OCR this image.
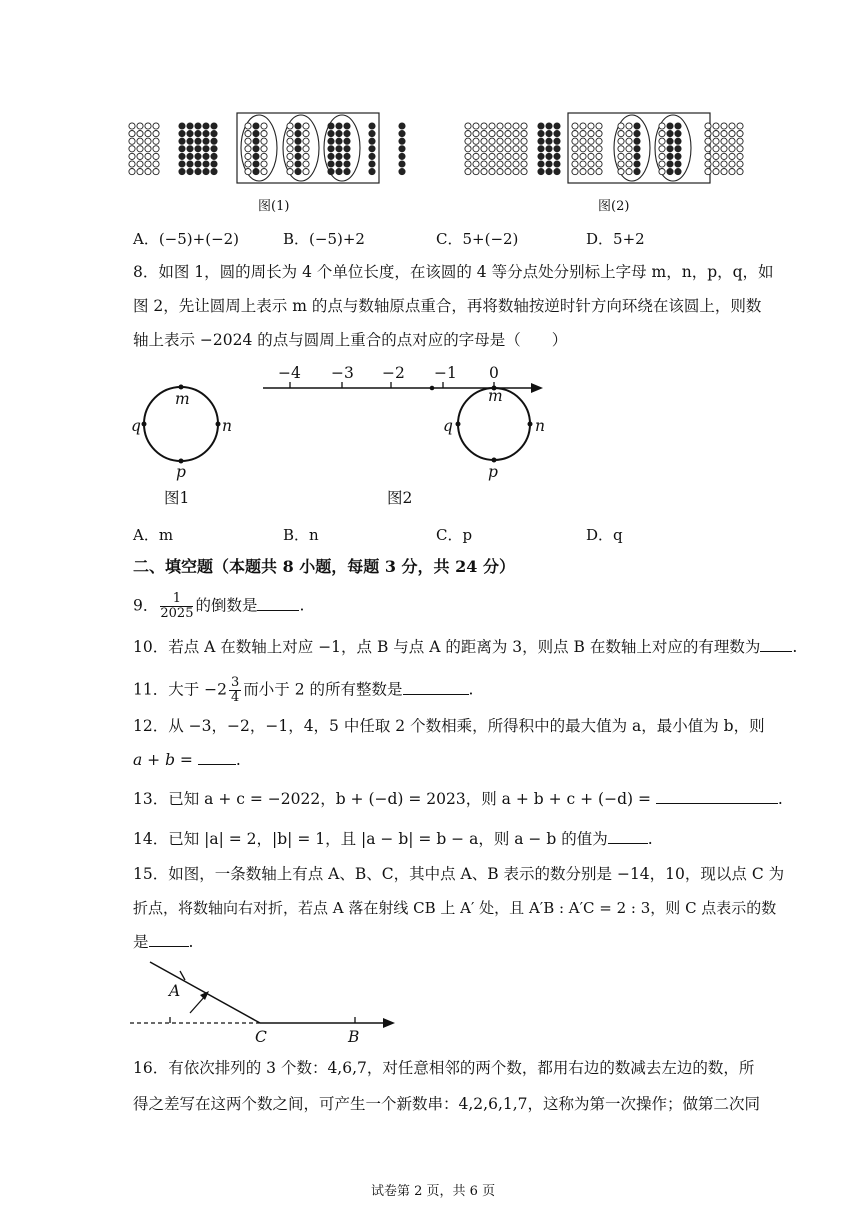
图(1)	图(2)
A．(−5)+(−2)	B．(−5)+2	C．5+(−2)	D．5+2
8．如图 1，圆的周长为 4 个单位长度，在该圆的 4 等分点处分别标上字母 m，n，p，q，如
图 2，先让圆周上表示 m 的点与数轴原点重合，再将数轴按逆时针方向环绕在该圆上，则数
轴上表示 −2024 的点与圆周上重合的点对应的字母是（　　）
m
n
p
q
图1
−4 −3 −2 −1 0
m
n
p
q
图2
A．m	B．n	C．p	D．q
二、填空题（本题共 8 小题，每题 3 分，共 24 分）
9． $\frac{1}{2025}$ 的倒数是	.
10．若点 A 在数轴上对应 −1，点 B 与点 A 的距离为 3，则点 B 在数轴上对应的有理数为 .
11．大于 $-2 \frac{3}{4}$ 而小于 2 的所有整数是	.
12．从 −3，−2，−1，4，5 中任取 2 个数相乘，所得积中的最大值为 a，最小值为 b，则
a + b = .
13．已知 a + c = −2022，b + (−d) = 2023，则 a + b + c + (−d) =	.
14．已知 |a| = 2，|b| = 1，且 |a − b| = b − a，则 a − b 的值为	.
15．如图，一条数轴上有点 A、B、C，其中点 A、B 表示的数分别是 −14，10，现以点 C 为
折点，将数轴向右对折，若点 A 落在射线 CB 上 A′ 处，且 A′B : A′C = 2 : 3，则 C 点表示的数
是	.
A
C	B
16．有依次排列的 3 个数：4,6,7，对任意相邻的两个数，都用右边的数减去左边的数，所
得之差写在这两个数之间，可产生一个新数串：4,2,6,1,7，这称为第一次操作；做第二次同
试卷第 2 页，共 6 页
